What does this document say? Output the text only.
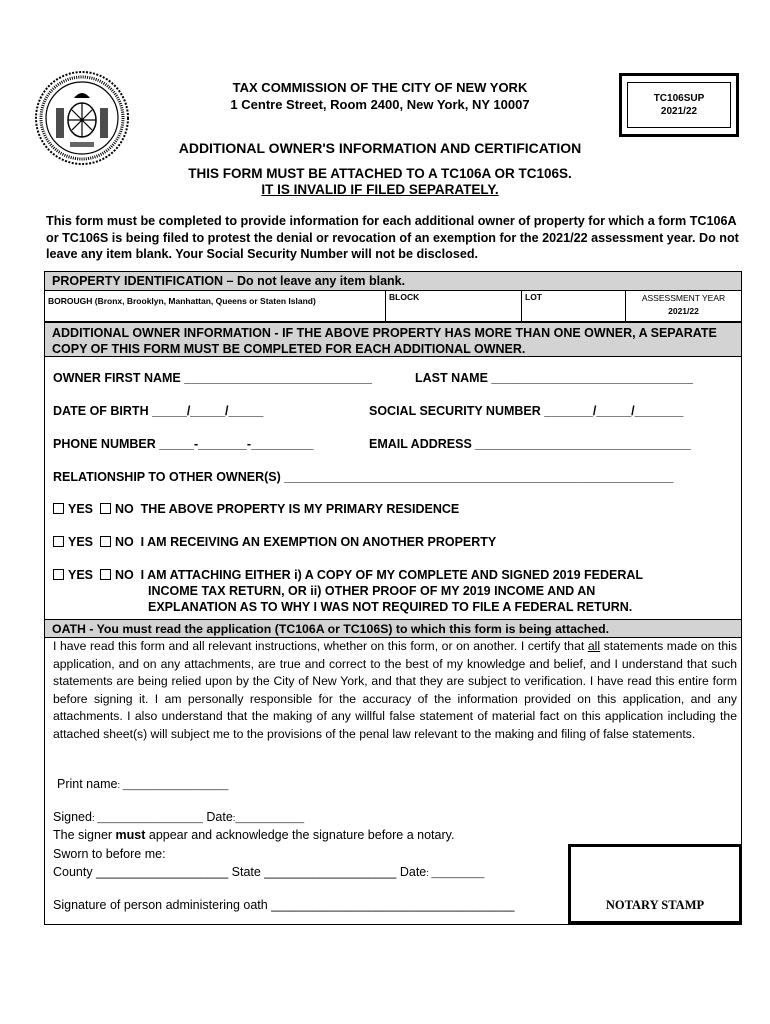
TAX COMMISSION OF THE CITY OF NEW YORK
1 Centre Street, Room 2400, New York, NY 10007	TC106SUP
2021/22
ADDITIONAL OWNER'S INFORMATION AND CERTIFICATION
THIS FORM MUST BE ATTACHED TO A TC106A OR TC106S.
IT IS INVALID IF FILED SEPARATELY.
This form must be completed to provide information for each additional owner of property for which a form TC106A or TC106S is being filed to protest the denial or revocation of an exemption for the 2021/22 assessment year. Do not leave any item blank. Your Social Security Number will not be disclosed.
PROPERTY IDENTIFICATION – Do not leave any item blank.
BOROUGH (Bronx, Brooklyn, Manhattan, Queens or Staten Island)	BLOCK	LOT	ASSESSMENT YEAR
2021/22
ADDITIONAL OWNER INFORMATION - IF THE ABOVE PROPERTY HAS MORE THAN ONE OWNER, A SEPARATE COPY OF THIS FORM MUST BE COMPLETED FOR EACH ADDITIONAL OWNER.
OWNER FIRST NAME ___________________________	LAST NAME _____________________________
DATE OF BIRTH _____/_____/_____	SOCIAL SECURITY NUMBER _______/_____/_______
PHONE NUMBER _____-_______-_________	EMAIL ADDRESS _______________________________
RELATIONSHIP TO OTHER OWNER(S) ________________________________________________________
YES NO THE ABOVE PROPERTY IS MY PRIMARY RESIDENCE
YES NO I AM RECEIVING AN EXEMPTION ON ANOTHER PROPERTY
YES NO I AM ATTACHING EITHER i) A COPY OF MY COMPLETE AND SIGNED 2019 FEDERAL
INCOME TAX RETURN, OR ii) OTHER PROOF OF MY 2019 INCOME AND AN
EXPLANATION AS TO WHY I WAS NOT REQUIRED TO FILE A FEDERAL RETURN.
OATH - You must read the application (TC106A or TC106S) to which this form is being attached.
I have read this form and all relevant instructions, whether on this form, or on another. I certify that all statements made on this application, and on any attachments, are true and correct to the best of my knowledge and belief, and I understand that such statements are being relied upon by the City of New York, and that they are subject to verification. I have read this entire form before signing it. I am personally responsible for the accuracy of the information provided on this application, and any attachments. I also understand that the making of any willful false statement of material fact on this application including the attached sheet(s) will subject me to the provisions of the penal law relevant to the making and filing of false statements.
Print name: ____________________
Signed: ____________________ Date:_____________
The signer must appear and acknowledge the signature before a notary.
Sworn to before me:
County ___________________ State ___________________ Date: __________
Signature of person administering oath ___________________________________	NOTARY STAMP
